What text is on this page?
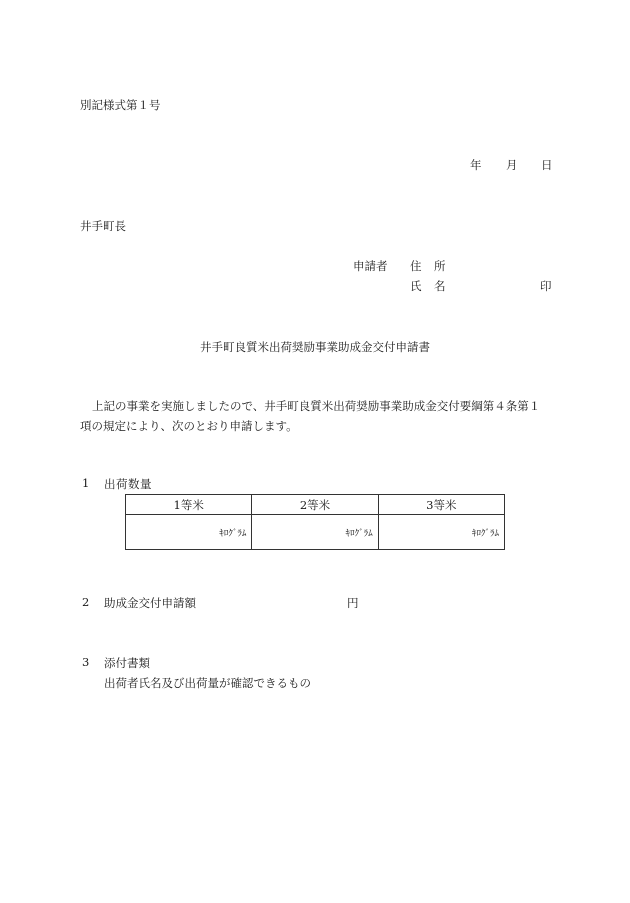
別記様式第１号
年 月 日
井手町長
申請者 住 所
氏 名	印
井手町良質米出荷奨励事業助成金交付申請書
上記の事業を実施しましたので、井手町良質米出荷奨励事業助成金交付要綱第４条第１
項の規定により、次のとおり申請します。
1 出荷数量
1等米	2等米	3等米
ｷﾛｸﾞﾗﾑ	ｷﾛｸﾞﾗﾑ	ｷﾛｸﾞﾗﾑ
2 助成金交付申請額	円
3 添付書類
出荷者氏名及び出荷量が確認できるもの
